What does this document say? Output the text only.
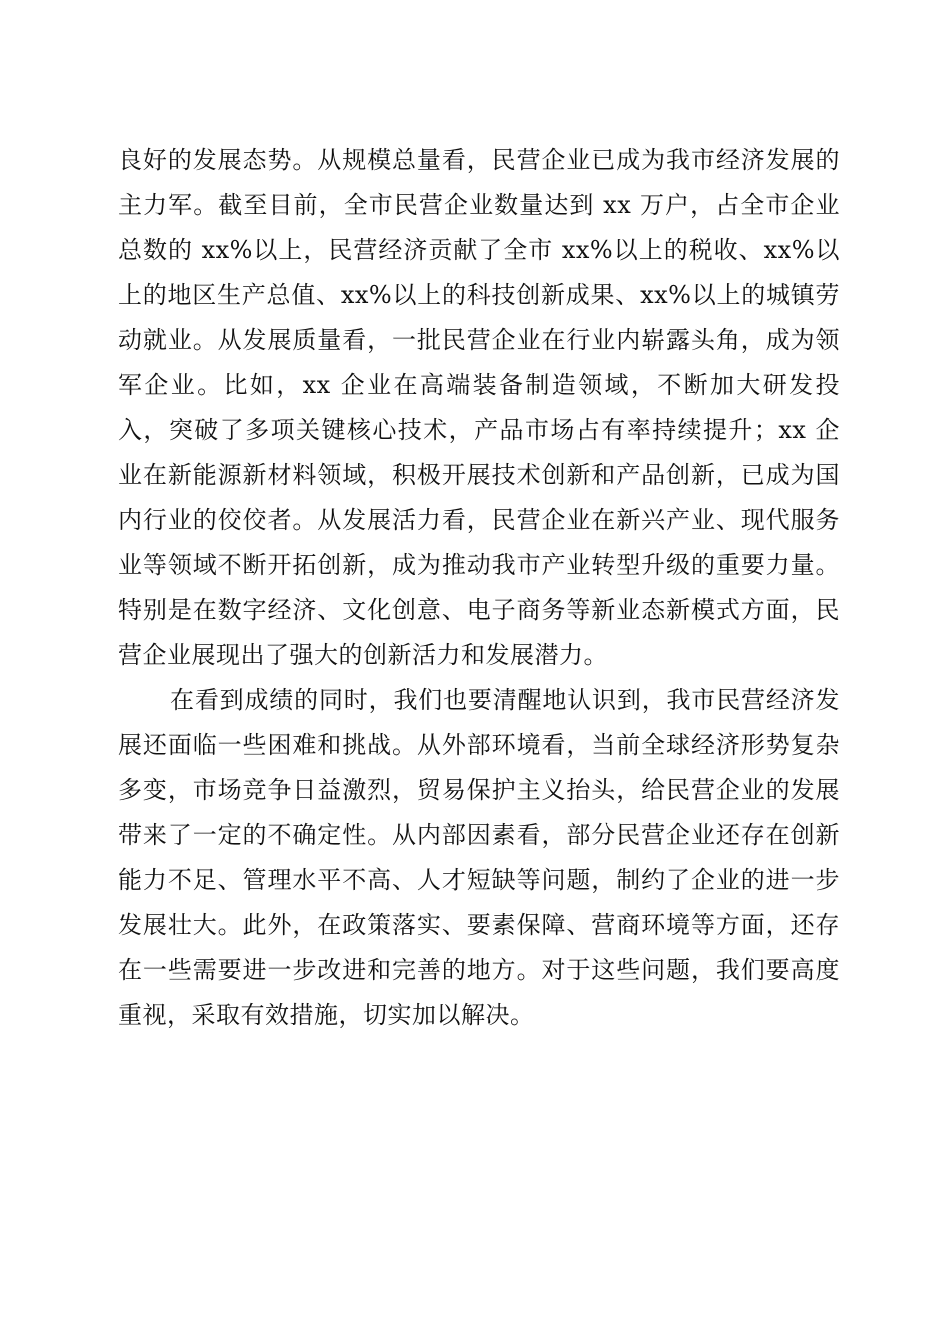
良好的发展态势。从规模总量看，民营企业已成为我市经济发展的主力军。截至目前，全市民营企业数量达到 xx 万户，占全市企业总数的 xx%以上，民营经济贡献了全市 xx%以上的税收、xx%以上的地区生产总值、xx%以上的科技创新成果、xx%以上的城镇劳动就业。从发展质量看，一批民营企业在行业内崭露头角，成为领军企业。比如，xx 企业在高端装备制造领域，不断加大研发投入，突破了多项关键核心技术，产品市场占有率持续提升；xx 企业在新能源新材料领域，积极开展技术创新和产品创新，已成为国内行业的佼佼者。从发展活力看，民营企业在新兴产业、现代服务业等领域不断开拓创新，成为推动我市产业转型升级的重要力量。特别是在数字经济、文化创意、电子商务等新业态新模式方面，民营企业展现出了强大的创新活力和发展潜力。

在看到成绩的同时，我们也要清醒地认识到，我市民营经济发展还面临一些困难和挑战。从外部环境看，当前全球经济形势复杂多变，市场竞争日益激烈，贸易保护主义抬头，给民营企业的发展带来了一定的不确定性。从内部因素看，部分民营企业还存在创新能力不足、管理水平不高、人才短缺等问题，制约了企业的进一步发展壮大。此外，在政策落实、要素保障、营商环境等方面，还存在一些需要进一步改进和完善的地方。对于这些问题，我们要高度重视，采取有效措施，切实加以解决。
